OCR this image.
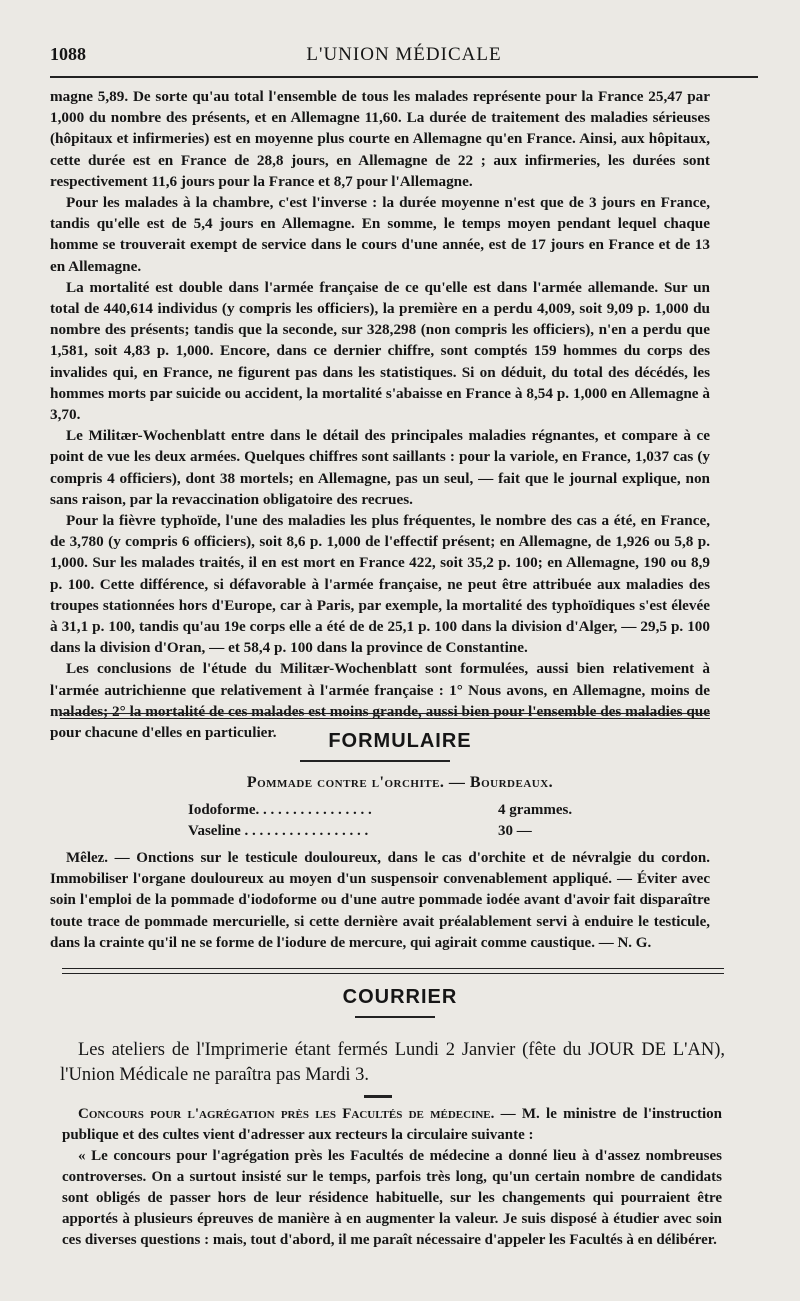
1088	L'UNION MÉDICALE

magne 5,89. De sorte qu'au total l'ensemble de tous les malades représente pour la France 25,47 par 1,000 du nombre des présents, et en Allemagne 11,60. La durée de traitement des maladies sérieuses (hôpitaux et infirmeries) est en moyenne plus courte en Allemagne qu'en France. Ainsi, aux hôpitaux, cette durée est en France de 28,8 jours, en Allemagne de 22 ; aux infirmeries, les durées sont respectivement 11,6 jours pour la France et 8,7 pour l'Allemagne.

Pour les malades à la chambre, c'est l'inverse : la durée moyenne n'est que de 3 jours en France, tandis qu'elle est de 5,4 jours en Allemagne. En somme, le temps moyen pendant lequel chaque homme se trouverait exempt de service dans le cours d'une année, est de 17 jours en France et de 13 en Allemagne.

La mortalité est double dans l'armée française de ce qu'elle est dans l'armée allemande. Sur un total de 440,614 individus (y compris les officiers), la première en a perdu 4,009, soit 9,09 p. 1,000 du nombre des présents; tandis que la seconde, sur 328,298 (non compris les officiers), n'en a perdu que 1,581, soit 4,83 p. 1,000. Encore, dans ce dernier chiffre, sont comptés 159 hommes du corps des invalides qui, en France, ne figurent pas dans les statistiques. Si on déduit, du total des décédés, les hommes morts par suicide ou accident, la mortalité s'abaisse en France à 8,54 p. 1,000 en Allemagne à 3,70.

Le Militær-Wochenblatt entre dans le détail des principales maladies régnantes, et compare à ce point de vue les deux armées. Quelques chiffres sont saillants : pour la variole, en France, 1,037 cas (y compris 4 officiers), dont 38 mortels; en Allemagne, pas un seul, — fait que le journal explique, non sans raison, par la revaccination obligatoire des recrues.

Pour la fièvre typhoïde, l'une des maladies les plus fréquentes, le nombre des cas a été, en France, de 3,780 (y compris 6 officiers), soit 8,6 p. 1,000 de l'effectif présent; en Allemagne, de 1,926 ou 5,8 p. 1,000. Sur les malades traités, il en est mort en France 422, soit 35,2 p. 100; en Allemagne, 190 ou 8,9 p. 100. Cette différence, si défavorable à l'armée française, ne peut être attribuée aux maladies des troupes stationnées hors d'Europe, car à Paris, par exemple, la mortalité des typhoïdiques s'est élevée à 31,1 p. 100, tandis qu'au 19e corps elle a été de de 25,1 p. 100 dans la division d'Alger, — 29,5 p. 100 dans la division d'Oran, — et 58,4 p. 100 dans la province de Constantine.

Les conclusions de l'étude du Militær-Wochenblatt sont formulées, aussi bien relativement à l'armée autrichienne que relativement à l'armée française : 1° Nous avons, en Allemagne, moins de malades; 2° la mortalité de ces malades est moins grande, aussi bien pour l'ensemble des maladies que pour chacune d'elles en particulier.	FORMULAIRE
Pommade contre l'orchite. — Bourdeaux.
Iodoforme. . . . . . . . . . . . . . . .	4 grammes.
Vaseline . . . . . . . . . . . . . . . . .	30 —

Mêlez. — Onctions sur le testicule douloureux, dans le cas d'orchite et de névralgie du cordon. Immobiliser l'organe douloureux au moyen d'un suspensoir convenablement appliqué. — Éviter avec soin l'emploi de la pommade d'iodoforme ou d'une autre pommade iodée avant d'avoir fait disparaître toute trace de pommade mercurielle, si cette dernière avait préalablement servi à enduire le testicule, dans la crainte qu'il ne se forme de l'iodure de mercure, qui agirait comme caustique. — N. G.

COURRIER

Les ateliers de l'Imprimerie étant fermés Lundi 2 Janvier (fête du JOUR DE L'AN), l'Union Médicale ne paraîtra pas Mardi 3.

Concours pour l'agrégation près les Facultés de médecine. — M. le ministre de l'instruction publique et des cultes vient d'adresser aux recteurs la circulaire suivante :

« Le concours pour l'agrégation près les Facultés de médecine a donné lieu à d'assez nombreuses controverses. On a surtout insisté sur le temps, parfois très long, qu'un certain nombre de candidats sont obligés de passer hors de leur résidence habituelle, sur les changements qui pourraient être apportés à plusieurs épreuves de manière à en augmenter la valeur. Je suis disposé à étudier avec soin ces diverses questions : mais, tout d'abord, il me paraît nécessaire d'appeler les Facultés à en délibérer.
